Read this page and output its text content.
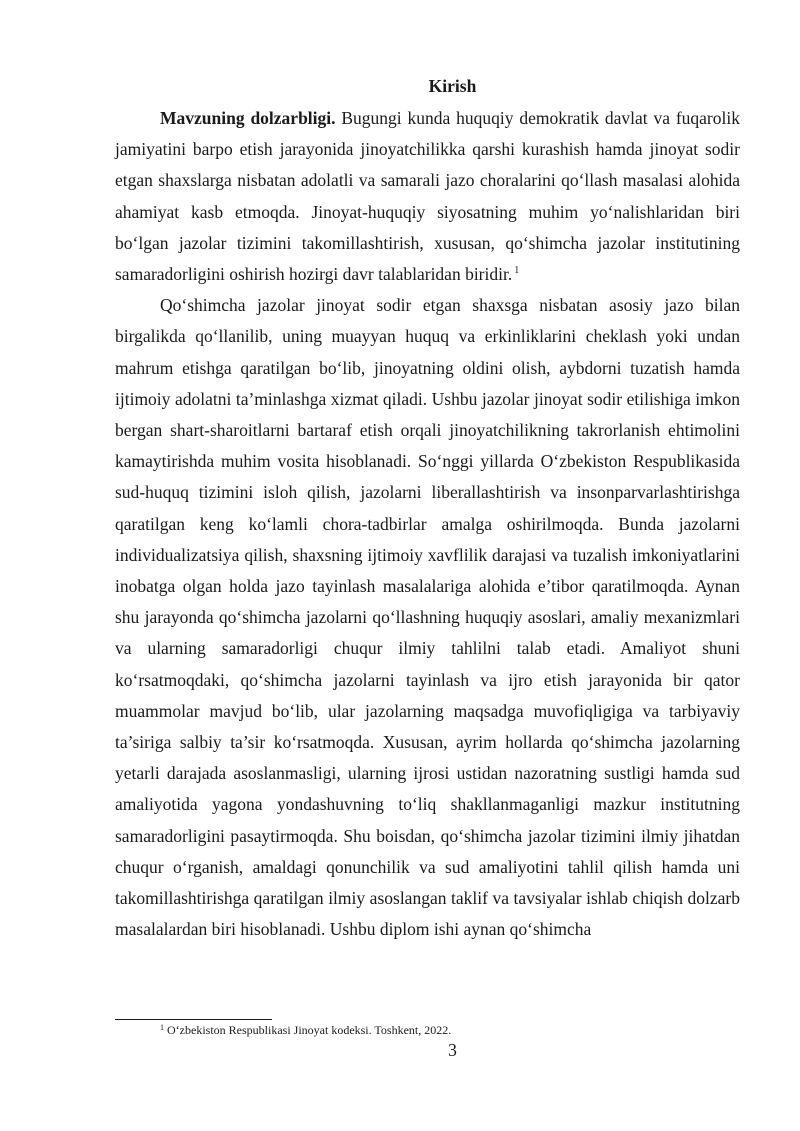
Kirish

Mavzuning dolzarbligi. Bugungi kunda huquqiy demokratik davlat va fuqarolik jamiyatini barpo etish jarayonida jinoyatchilikka qarshi kurashish hamda jinoyat sodir etgan shaxslarga nisbatan adolatli va samarali jazo choralarini qo‘llash masalasi alohida ahamiyat kasb etmoqda. Jinoyat-huquqiy siyosatning muhim yo‘nalishlaridan biri bo‘lgan jazolar tizimini takomillashtirish, xususan, qo‘shimcha jazolar institutining samaradorligini oshirish hozirgi davr talablaridan biridir. $^1$

Qo‘shimcha jazolar jinoyat sodir etgan shaxsga nisbatan asosiy jazo bilan birgalikda qo‘llanilib, uning muayyan huquq va erkinliklarini cheklash yoki undan mahrum etishga qaratilgan bo‘lib, jinoyatning oldini olish, aybdorni tuzatish hamda ijtimoiy adolatni ta’minlashga xizmat qiladi. Ushbu jazolar jinoyat sodir etilishiga imkon bergan shart-sharoitlarni bartaraf etish orqali jinoyatchilikning takrorlanish ehtimolini kamaytirishda muhim vosita hisoblanadi. So‘nggi yillarda O‘zbekiston Respublikasida sud-huquq tizimini isloh qilish, jazolarni liberallashtirish va insonparvarlashtirishga qaratilgan keng ko‘lamli chora-tadbirlar amalga oshirilmoqda. Bunda jazolarni individualizatsiya qilish, shaxsning ijtimoiy xavflilik darajasi va tuzalish imkoniyatlarini inobatga olgan holda jazo tayinlash masalalariga alohida e’tibor qaratilmoqda. Aynan shu jarayonda qo‘shimcha jazolarni qo‘llashning huquqiy asoslari, amaliy mexanizmlari va ularning samaradorligi chuqur ilmiy tahlilni talab etadi. Amaliyot shuni ko‘rsatmoqdaki, qo‘shimcha jazolarni tayinlash va ijro etish jarayonida bir qator muammolar mavjud bo‘lib, ular jazolarning maqsadga muvofiqligiga va tarbiyaviy ta’siriga salbiy ta’sir ko‘rsatmoqda. Xususan, ayrim hollarda qo‘shimcha jazolarning yetarli darajada asoslanmasligi, ularning ijrosi ustidan nazoratning sustligi hamda sud amaliyotida yagona yondashuvning to‘liq shakllanmaganligi mazkur institutning samaradorligini pasaytirmoqda. Shu boisdan, qo‘shimcha jazolar tizimini ilmiy jihatdan chuqur o‘rganish, amaldagi qonunchilik va sud amaliyotini tahlil qilish hamda uni takomillashtirishga qaratilgan ilmiy asoslangan taklif va tavsiyalar ishlab chiqish dolzarb masalalardan biri hisoblanadi. Ushbu diplom ishi aynan qo‘shimcha

$^1$ O‘zbekiston Respublikasi Jinoyat kodeksi. Toshkent, 2022.
3
